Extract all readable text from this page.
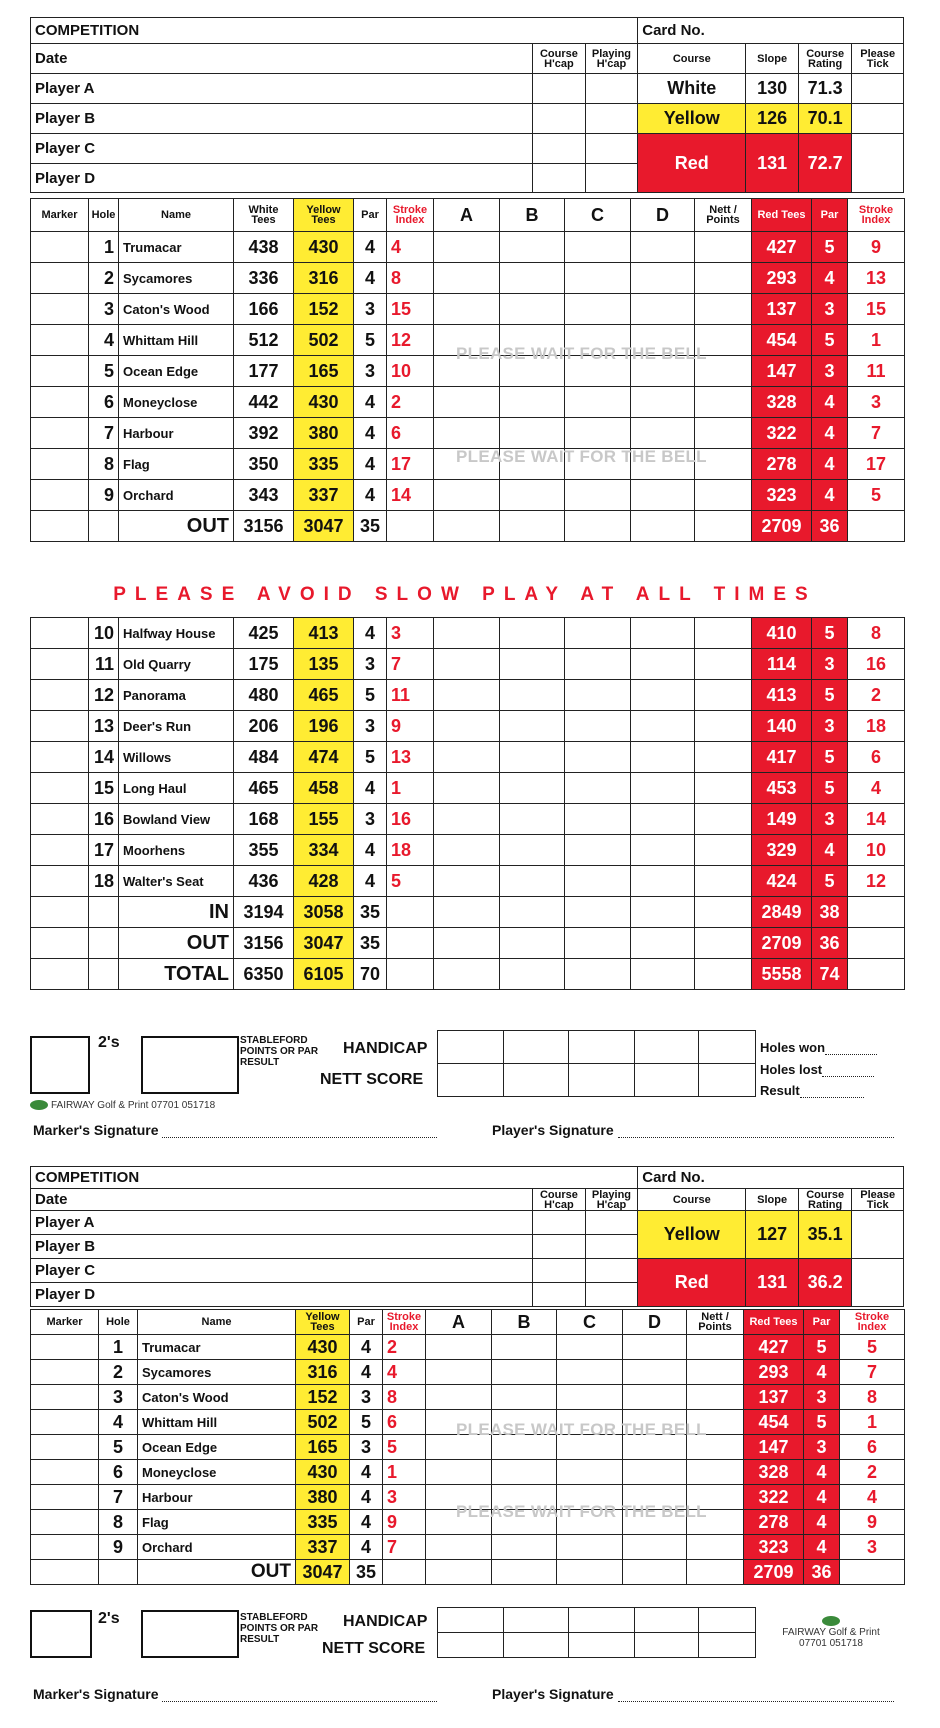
COMPETITION			Card No.			
Date	Course H'cap	Playing H'cap	Course	Slope	Course Rating	Please Tick
Player A			White	130	71.3	
Player B			Yellow	126	70.1	
Player C			Red	131	72.7	
Player D						
Marker	Hole	Name	White Tees	Yellow Tees	Par	Stroke Index	A	B	C	D	Nett / Points	Red Tees	Par	Stroke Index
	1	Trumacar	438	430	4	4						427	5	9
	2	Sycamores	336	316	4	8						293	4	13
	3	Caton's Wood	166	152	3	15						137	3	15
	4	Whittam Hill	512	502	5	12						454	5	1
	5	Ocean Edge	177	165	3	10						147	3	11
	6	Moneyclose	442	430	4	2						328	4	3
	7	Harbour	392	380	4	6						322	4	7
	8	Flag	350	335	4	17						278	4	17
	9	Orchard	343	337	4	14						323	4	5
		OUT	3156	3047	35							2709	36	
PLEASE WAIT FOR THE BELL
PLEASE WAIT FOR THE BELL
PLEASE AVOID SLOW PLAY AT ALL TIMES
	10	Halfway House	425	413	4	3						410	5	8
	11	Old Quarry	175	135	3	7						114	3	16
	12	Panorama	480	465	5	11						413	5	2
	13	Deer's Run	206	196	3	9						140	3	18
	14	Willows	484	474	5	13						417	5	6
	15	Long Haul	465	458	4	1						453	5	4
	16	Bowland View	168	155	3	16						149	3	14
	17	Moorhens	355	334	4	18						329	4	10
	18	Walter's Seat	436	428	4	5						424	5	12
		IN	3194	3058	35							2849	38	
		OUT	3156	3047	35							2709	36	
		TOTAL	6350	6105	70							5558	74	
2's	STABLEFORD POINTS OR PAR RESULT
HANDICAP
NETT SCORE

Holes won
Holes lost
Result
FAIRWAY Golf & Print 07701 051718
Marker's Signature	Player's Signature
COMPETITION			Card No.			
Date	Course H'cap	Playing H'cap	Course	Slope	Course Rating	Please Tick
Player A			Yellow	127	35.1	
Player B						
Player C			Red	131	36.2	
Player D						
Marker	Hole	Name	Yellow Tees	Par	Stroke Index	A	B	C	D	Nett / Points	Red Tees	Par	Stroke Index
	1	Trumacar	430	4	2						427	5	5
	2	Sycamores	316	4	4						293	4	7
	3	Caton's Wood	152	3	8						137	3	8
	4	Whittam Hill	502	5	6						454	5	1
	5	Ocean Edge	165	3	5						147	3	6
	6	Moneyclose	430	4	1						328	4	2
	7	Harbour	380	4	3						322	4	4
	8	Flag	335	4	9						278	4	9
	9	Orchard	337	4	7						323	4	3
		OUT	3047	35							2709	36	
PLEASE WAIT FOR THE BELL
PLEASE WAIT FOR THE BELL
2's	STABLEFORD POINTS OR PAR RESULT
HANDICAP
NETT SCORE

FAIRWAY Golf & Print
07701 051718
Marker's Signature	Player's Signature
